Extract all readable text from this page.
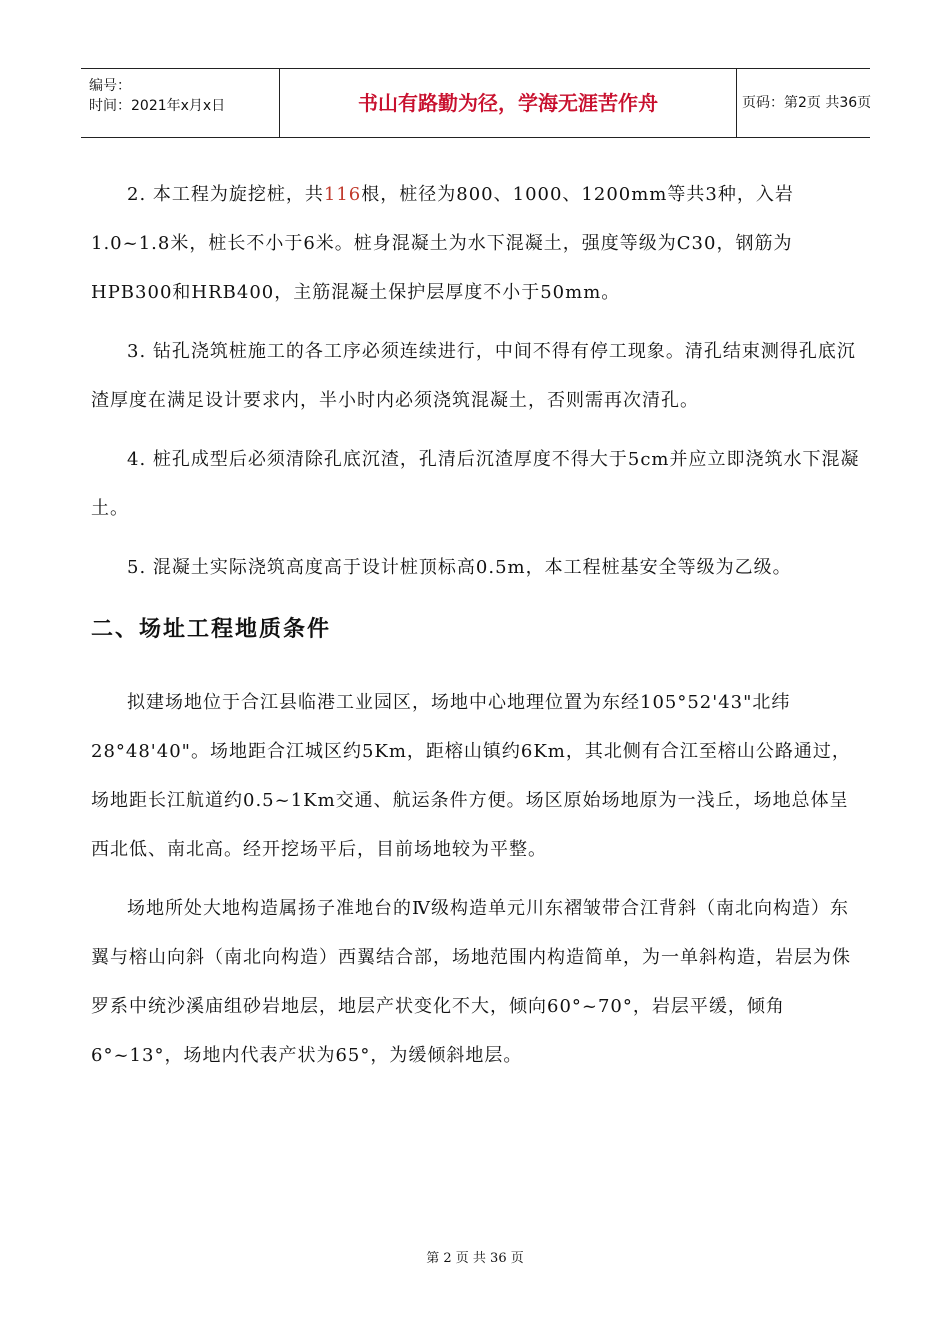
编号：
时间：2021年x月x日	书山有路勤为径，学海无涯苦作舟	页码：第2页 共36页

2. 本工程为旋挖桩，共116根，桩径为800、1000、1200mm等共3种，入岩1.0~1.8米，桩长不小于6米。桩身混凝土为水下混凝土，强度等级为C30，钢筋为HPB300和HRB400，主筋混凝土保护层厚度不小于50mm。

3. 钻孔浇筑桩施工的各工序必须连续进行，中间不得有停工现象。清孔结束测得孔底沉渣厚度在满足设计要求内，半小时内必须浇筑混凝土，否则需再次清孔。

4. 桩孔成型后必须清除孔底沉渣，孔清后沉渣厚度不得大于5cm并应立即浇筑水下混凝土。

5. 混凝土实际浇筑高度高于设计桩顶标高0.5m，本工程桩基安全等级为乙级。

二、场址工程地质条件

拟建场地位于合江县临港工业园区，场地中心地理位置为东经105°52'43"北纬28°48'40"。场地距合江城区约5Km，距榕山镇约6Km，其北侧有合江至榕山公路通过，场地距长江航道约0.5~1Km交通、航运条件方便。场区原始场地原为一浅丘，场地总体呈西北低、南北高。经开挖场平后，目前场地较为平整。

场地所处大地构造属扬子准地台的Ⅳ级构造单元川东褶皱带合江背斜（南北向构造）东翼与榕山向斜（南北向构造）西翼结合部，场地范围内构造简单，为一单斜构造，岩层为侏罗系中统沙溪庙组砂岩地层，地层产状变化不大，倾向60°~70°，岩层平缓，倾角6°~13°，场地内代表产状为65°，为缓倾斜地层。

第 2 页 共 36 页
